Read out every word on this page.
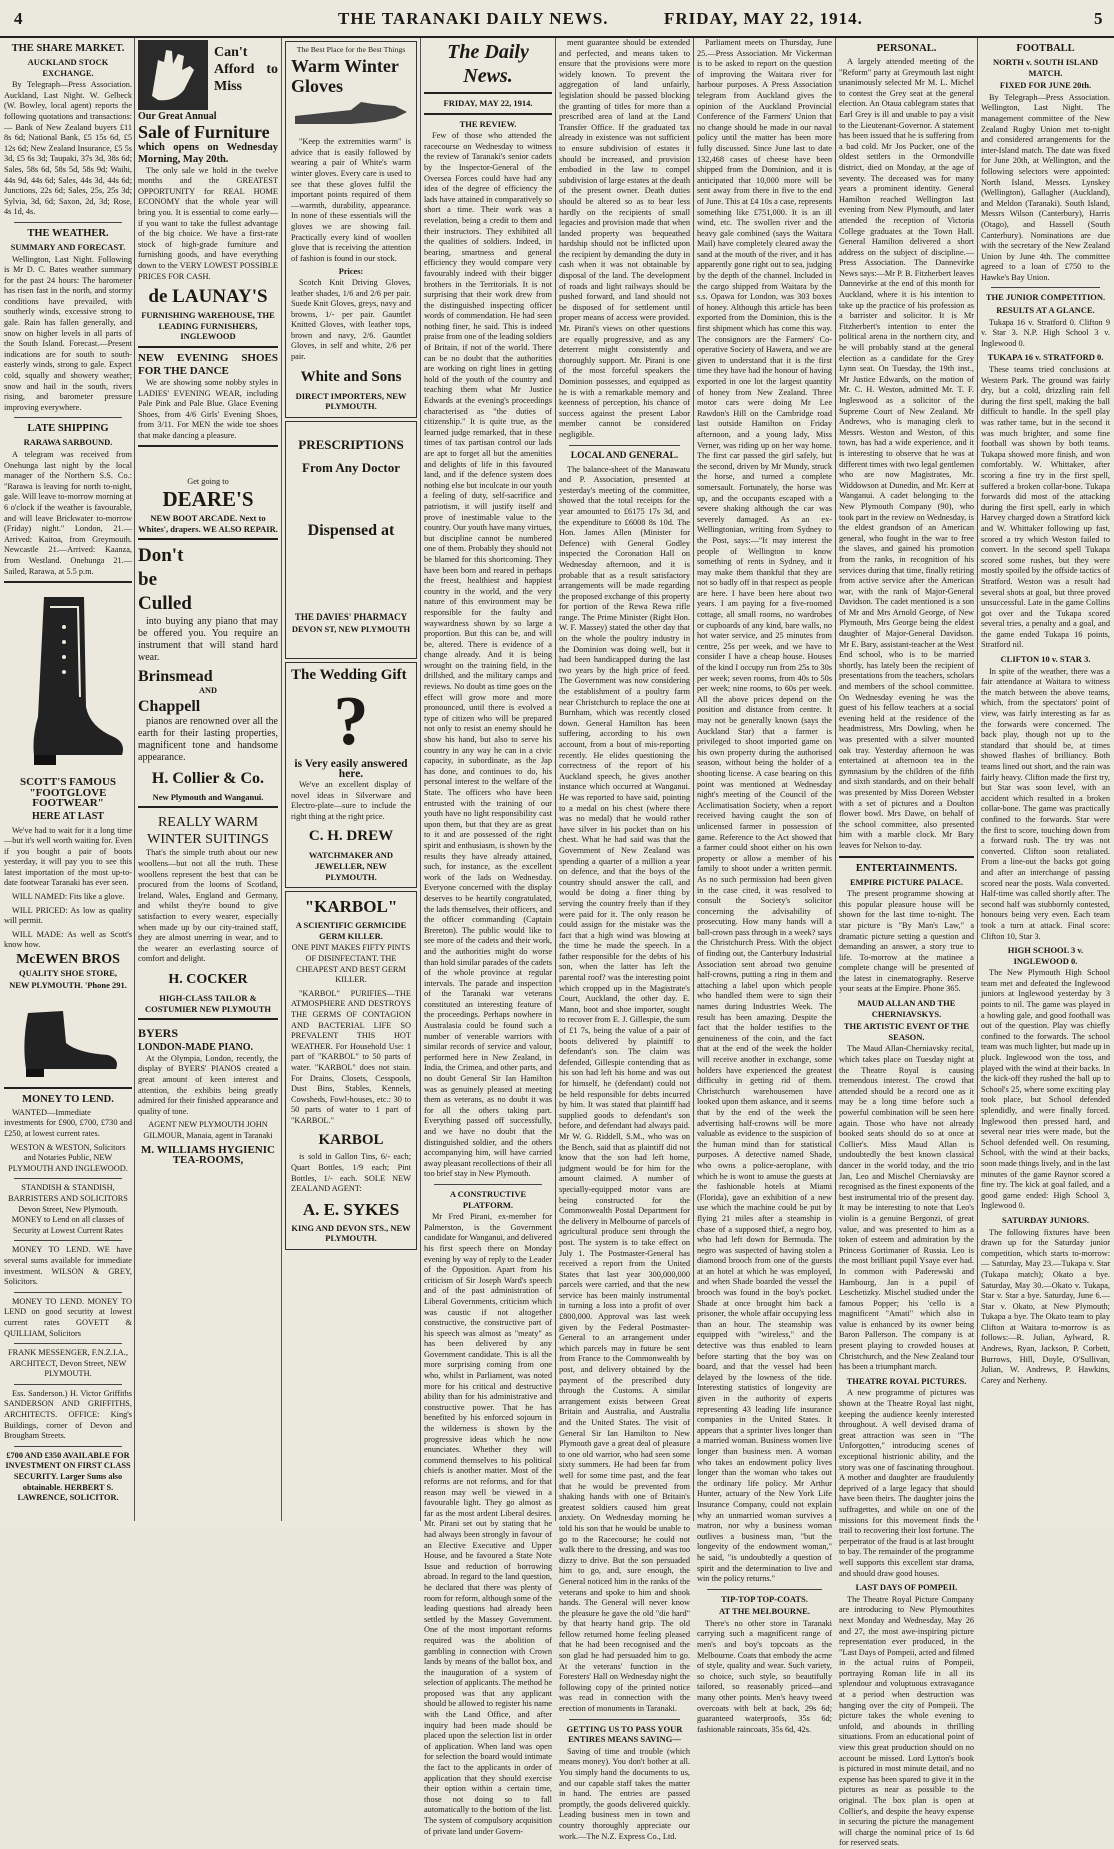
4	THE TARANAKI DAILY NEWS.	FRIDAY, MAY 22, 1914.	5
THE SHARE MARKET.
AUCKLAND STOCK EXCHANGE.

By Telegraph—Press Association. Auckland, Last Night. W. Gelbeck (W. Bowley, local agent) reports the following quotations and transactions:— Bank of New Zealand buyers £11 8s 6d; National Bank, £5 15s 6d, £5 12s 6d; New Zealand Insurance, £5 5s 3d, £5 6s 3d; Taupaki, 37s 3d, 38s 6d; Sales, 58s 6d, 58s 5d, 58s 9d; Waihi, 44s 9d, 44s 6d; Sales, 44s 3d, 44s 6d; Junctions, 22s 6d; Sales, 25s, 25s 3d; Sylvia, 3d, 6d; Saxon, 2d, 3d; Rose, 4s 1d, 4s.

THE WEATHER.
SUMMARY AND FORECAST.

Wellington, Last Night. Following is Mr D. C. Bates weather summary for the past 24 hours: The barometer has risen fast in the north, and stormy conditions have prevailed, with southerly winds, excessive strong to gale. Rain has fallen generally, and snow on higher levels in all parts of the South Island. Forecast.—Present indications are for south to south-easterly winds, strong to gale. Expect cold, squally and showery weather; snow and hail in the south, rivers rising, and barometer pressure improving everywhere.

LATE SHIPPING
RARAWA SARBOUND.

A telegram was received from Onehunga last night by the local manager of the Northern S.S. Co.: "Rarawa is leaving for north to-night, gale. Will leave to-morrow morning at 6 o'clock if the weather is favourable, and will leave Brickwater to-morrow (Friday) night." London, 21.—Arrived: Kaitoa, from Greymouth. Newcastle 21.—Arrived: Kaanza, from Westland. Onehunga 21.—Sailed, Rarawa, at 5.5 p.m.

SCOTT'S FAMOUS
"FOOTGLOVE
FOOTWEAR"
HERE AT LAST

We've had to wait for it a long time—but it's well worth waiting for. Even if you bought a pair of boots yesterday, it will pay you to see this latest importation of the most up-to-date footwear Taranaki has ever seen.

WILL NAMED: Fits like a glove.

WILL PRICED: As low as quality will permit.

WILL MADE: As well as Scott's know how.

McEWEN BROS
QUALITY SHOE STORE,
NEW PLYMOUTH. 'Phone 291.
MONEY TO LEND.

WANTED—Immediate investments for £900, £700, £730 and £250, at lowest current rates.

WESTON & WESTON, Solicitors and Notaries Public, NEW PLYMOUTH AND INGLEWOOD.

STANDISH & STANDISH, BARRISTERS AND SOLICITORS Devon Street, New Plymouth. MONEY to Lend on all classes of Security at Lowest Current Rates

MONEY TO LEND. WE have several sums available for immediate investment. WILSON & GREY, Solicitors.

MONEY TO LEND. MONEY TO LEND on good security at lowest current rates GOVETT & QUILLIAM, Solicitors

FRANK MESSENGER, F.N.Z.I.A., ARCHITECT, Devon Street, NEW PLYMOUTH.

Ess. Sanderson.) H. Victor Griffiths SANDERSON AND GRIFFITHS, ARCHITECTS. OFFICE: King's Buildings, corner of Devon and Brougham Streets.

£700 AND £350 AVAILABLE FOR INVESTMENT ON FIRST CLASS SECURITY. Larger Sums also obtainable. HERBERT S. LAWRENCE, SOLICITOR.

Can't Afford to Miss
Our Great Annual
Sale of Furniture
which opens on Wednesday Morning, May 20th.

The only sale we hold in the twelve months and the GREATEST OPPORTUNITY for REAL HOME ECONOMY that the whole year will bring you. It is essential to come early—if you want to take the fullest advantage of the big choice. We have a first-rate stock of high-grade furniture and furnishing goods, and have everything down to the VERY LOWEST POSSIBLE PRICES FOR CASH.

de LAUNAY'S
FURNISHING WAREHOUSE, THE LEADING FURNISHERS, INGLEWOOD
NEW EVENING SHOES FOR THE DANCE

We are showing some nobby styles in LADIES' EVENING WEAR, including Pale Pink and Pale Blue. Glace Evening Shoes, from 4/6 Girls' Evening Shoes, from 3/11. For MEN the wide toe shoes that make dancing a pleasure.

Get going to
DEARE'S
NEW BOOT ARCADE. Next to Whites', drapers. WE ALSO REPAIR.
Don't
be
Culled

into buying any piano that may be offered you. You require an instrument that will stand hard wear.

Brinsmead
AND
Chappell

pianos are renowned over all the earth for their lasting properties, magnificent tone and handsome appearance.

H. Collier & Co.
New Plymouth and Wanganui.
REALLY WARM WINTER SUITINGS

That's the simple truth about our new woollens—but not all the truth. These woollens represent the best that can be procured from the looms of Scotland, Ireland, Wales, England and Germany, and whilst they're bound to give satisfaction to every wearer, especially when made up by our city-trained staff, they are almost unerring in wear, and to the wearer an everlasting source of comfort and delight.

H. COCKER
HIGH-CLASS TAILOR & COSTUMIER NEW PLYMOUTH
BYERS
LONDON-MADE PIANO.

At the Olympia, London, recently, the display of BYERS' PIANOS created a great amount of keen interest and attention, the exhibits being greatly admired for their finished appearance and quality of tone.

AGENT NEW PLYMOUTH JOHN GILMOUR, Manaia, agent in Taranaki

M. WILLIAMS HYGIENIC TEA-ROOMS,
The Best Place for the Best Things
Warm Winter Gloves

"Keep the extremities warm" is advice that is easily followed by wearing a pair of White's warm winter gloves. Every care is used to see that these gloves fulfil the important points required of them—warmth, durability, appearance. In none of these essentials will the gloves we are showing fail. Practically every kind of woollen glove that is receiving the attention of fashion is found in our stock.

Prices:

Scotch Knit Driving Gloves, leather shades, 1/6 and 2/6 per pair. Suede Knit Gloves, greys, navy and browns, 1/- per pair. Gauntlet Knitted Gloves, with leather tops, brown and navy, 2/6. Gauntlet Gloves, in self and white, 2/6 per pair.

White and Sons
DIRECT IMPORTERS, NEW PLYMOUTH.
PRESCRIPTIONS
From Any Doctor
Dispensed at
THE DAVIES' PHARMACY
DEVON ST, NEW PLYMOUTH
The Wedding Gift
?
is Very easily answered here.

We've an excellent display of novel ideas in Silverware and Electro-plate—sure to include the right thing at the right price.

C. H. DREW
WATCHMAKER AND JEWELLER, NEW PLYMOUTH.
"KARBOL"
A SCIENTIFIC GERMICIDE GERM KILLER.

ONE PINT MAKES FIFTY PINTS OF DISINFECTANT. THE CHEAPEST AND BEST GERM KILLER.

"KARBOL" PURIFIES—THE ATMOSPHERE AND DESTROYS THE GERMS OF CONTAGION AND BACTERIAL LIFE SO PREVALENT THIS HOT WEATHER. For Household Use: 1 part of "KARBOL" to 50 parts of water. "KARBOL" does not stain. For Drains, Closets, Cesspools, Dust Bins, Stables, Kennels, Cowsheds, Fowl-houses, etc.: 30 to 50 parts of water to 1 part of "KARBOL."

KARBOL

is sold in Gallon Tins, 6/- each; Quart Bottles, 1/9 each; Pint Bottles, 1/- each. SOLE NEW ZEALAND AGENT:

A. E. SYKES
KING AND DEVON STS., NEW PLYMOUTH.
The Daily News.
FRIDAY, MAY 22, 1914.
THE REVIEW.

Few of those who attended the racecourse on Wednesday to witness the review of Taranaki's senior cadets by the Inspector-General of the Oversea Forces could have had any idea of the degree of efficiency the lads have attained in comparatively so short a time. Their work was a revelation, being a credit to them and their instructors. They exhibited all the qualities of soldiers. Indeed, in bearing, smartness and general efficiency they would compare very favourably indeed with their bigger brothers in the Territorials. It is not surprising that their work drew from the distinguished inspecting officer words of commendation. He had seen nothing finer, he said. This is indeed praise from one of the leading soldiers of Britain, if not of the world. There can be no doubt that the authorities are working on right lines in getting hold of the youth of the country and teaching them what Mr Justice Edwards at the evening's proceedings characterised as "the duties of citizenship." It is quite true, as the learned judge remarked, that in these times of tax partisan control our lads are apt to forget all but the amenities and delights of life in this favoured land, and if the defence system does nothing else but inculcate in our youth a feeling of duty, self-sacrifice and patriotism, it will justify itself and prove of inestimable value to the country. Our youth have many virtues, but discipline cannot be numbered one of them. Probably they should not be blamed for this shortcoming. They have been born and reared in perhaps the freest, healthiest and happiest country in the world, and the very nature of this environment may be responsible for the faulty and waywardness shown by so large a proportion. But this can be, and will be, altered. There is evidence of a change already. And it is being wrought on the training field, in the drillshed, and the military camps and reviews. No doubt as time goes on the effect will grow more and more pronounced, until there is evolved a type of citizen who will be prepared not only to resist an enemy should he show his hand, but also to serve his country in any way he can in a civic capacity, in subordinate, as the Jap has done, and continues to do, his personal interest to the welfare of the State. The officers who have been entrusted with the training of our youth have no light responsibility cast upon them, but that they are as great to it and are possessed of the right spirit and enthusiasm, is shown by the results they have already attained, such, for instance, as the excellent work of the lads on Wednesday. Everyone concerned with the display deserves to be heartily congratulated, the lads themselves, their officers, and the officer commanding (Captain Brereton). The public would like to see more of the cadets and their work, and the authorities might do worse than hold similar parades of the cadets of the whole province at regular intervals. The parade and inspection of the Taranaki war veterans constituted an interesting feature of the proceedings. Perhaps nowhere in Australasia could be found such a number of venerable warriors with similar records of service and valour, performed here in New Zealand, in India, the Crimea, and other parts, and no doubt General Sir Ian Hamilton was as genuinely pleased at meeting them as veterans, as no doubt it was for all the others taking part. Everything passed off successfully, and we have no doubt that the distinguished soldier, and the others accompanying him, will have carried away pleasant recollections of their all too brief stay in New Plymouth.

A CONSTRUCTIVE PLATFORM.

Mr Fred Pirani, ex-member for Palmerston, is the Government candidate for Wanganui, and delivered his first speech there on Monday evening by way of reply to the Leader of the Opposition. Apart from his criticism of Sir Joseph Ward's speech and of the past administration of Liberal Governments, criticism which was caustic if not altogether constructive, the constructive part of his speech was almost as "meaty" as has been delivered by any Government candidate. This is all the more surprising coming from one who, whilst in Parliament, was noted more for his critical and destructive ability than for his administrative and constructive power. That he has benefited by his enforced sojourn in the wilderness is shown by the progressive ideas which he now enunciates. Whether they will commend themselves to his political chiefs is another matter. Most of the reforms are not reforms, and for that reason may well be viewed in a favourable light. They go almost as far as the most ardent Liberal desires. Mr. Pirani set out by stating that he had always been strongly in favour of an Elective Executive and Upper House, and he favoured a State Note Issue and reduction of borrowing abroad. In regard to the land question, he declared that there was plenty of room for reform, although some of the leading questions had already been settled by the Massey Government. One of the most important reforms required was the abolition of gambling in connection with Crown lands by means of the ballot box, and the inauguration of a system of selection of applicants. The method he proposed was that any applicant should be allowed to register his name with the Land Office, and after inquiry had been made should be placed upon the selection list in order of application. When land was open for selection the board would intimate the fact to the applicants in order of application that they should exercise their option within a certain time, those not doing so to fall automatically to the bottom of the list. The system of compulsory acquisition of private land under Govern-

ment guarantee should be extended and perfected, and means taken to ensure that the provisions were more widely known. To prevent the aggregation of land unfairly, legislation should be passed blocking the granting of titles for more than a prescribed area of land at the Land Transfer Office. If the graduated tax already in existence was not sufficient to ensure subdivision of estates it should be increased, and provision embodied in the law to compel subdivision of large estates at the death of the present owner. Death duties should be altered so as to bear less hardly on the recipients of small legacies and provision made that when landed property was bequeathed hardship should not be inflicted upon the recipient by demanding the duty in cash when it was not obtainable by disposal of the land. The development of roads and light railways should be pushed forward, and land should not be disposed of for settlement until proper means of access were provided. Mr. Pirani's views on other questions are equally progressive, and as any deterrent might consistently and thoroughly support. Mr. Pirani is one of the most forceful speakers the Dominion possesses, and equipped as he is with a remarkable memory and keenness of perception, his chance of success against the present Labor member cannot be considered negligible.

LOCAL AND GENERAL.

The balance-sheet of the Manawatu and P. Association, presented at yesterday's meeting of the committee, showed that the total receipts for the year amounted to £6175 17s 3d, and the expenditure to £6008 8s 10d. The Hon. James Allen (Minister for Defence) with General Godley inspected the Coronation Hall on Wednesday afternoon, and it is probable that as a result satisfactory arrangements will be made regarding the proposed exchange of this property for portion of the Rewa Rewa rifle range. The Prime Minister (Right Hon. W. F. Massey) stated the other day that on the whole the poultry industry in the Dominion was doing well, but it had been handicapped during the last two years by the high price of feed. The Government was now considering the establishment of a poultry farm near Christchurch to replace the one at Burnham, which was recently closed down. General Hamilton has been suffering, according to his own account, from a bout of mis-reporting recently. He elides questioning the correctness of the report of his Auckland speech, he gives another instance which occurred at Wanganui. He was reported to have said, pointing to a medal on his chest (where there was no medal) that he would rather have silver in his pocket than on his chest. What he had said was that the Government of New Zealand was spending a quarter of a million a year on defence, and that the boys of the country should answer the call, and would be doing a finer thing by serving the country freely than if they were paid for it. The only reason he could assign for the mistake was the fact that a high wind was blowing at the time he made the speech. In a father responsible for the debts of his son, when the latter has left the parental roof? was the interesting point which cropped up in the Magistrate's Court, Auckland, the other day. E. Mann, boot and shoe importer, sought to recover from E. J. Gillespie, the sum of £1 7s, being the value of a pair of boots delivered by plaintiff to defendant's son. The claim was defended, Gillespie contending that as his son had left his home and was out for himself, he (defendant) could not be held responsible for debts incurred by him. It was stated that plaintiff had supplied goods to defendant's son before, and defendant had always paid. Mr W. G. Riddell, S.M., who was on the Bench, said that as plaintiff did not know that the son had left home, judgment would be for him for the amount claimed. A number of specially-equipped motor vans are being constructed for the Commonwealth Postal Department for the delivery in Melbourne of parcels of agricultural produce sent through the post. The system is to take effect on July 1. The Postmaster-General has received a report from the United States that last year 300,000,000 parcels were carried, and that the new service has been mainly instrumental in turning a loss into a profit of over £800,000. Approval was last week given by the Federal Postmaster-General to an arrangement under which parcels may in future be sent from France to the Commonwealth by post, and delivery obtained by the payment of the prescribed duty through the Customs. A similar arrangement exists between Great Britain and Australia, and Australia and the United States. The visit of General Sir Ian Hamilton to New Plymouth gave a great deal of pleasure to one old warrior, who had seen some sixty summers. He had been far from well for some time past, and the fear that he would be prevented from shaking hands with one of Britain's greatest soldiers caused him great anxiety. On Wednesday morning he told his son that he would be unable to go to the Racecourse; he could not walk there to the dressing, and was too dizzy to drive. But the son persuaded him to go, and, sure enough, the General noticed him in the ranks of the veterans and spoke to him and shook hands. The General will never know the pleasure he gave the old "die hard" by that hearty hand grip. The old fellow returned home feeling pleased that he had been recognised and the son glad he had persuaded him to go. At the veterans' function in the Foresters' Hall on Wednesday night the following copy of the printed notice was read in connection with the erection of monuments in Taranaki.

GETTING US TO PASS YOUR ENTIRES MEANS SAVING—

Saving of time and trouble (which means money). You don't bother at all. You simply hand the documents to us, and our capable staff takes the matter in hand. The entries are passed promptly, the goods delivered quickly. Leading business men in town and country thoroughly appreciate our work.—The N.Z. Express Co., Ltd.

Parliament meets on Thursday, June 25.—Press Association. Mr Vickerman is to be asked to report on the question of improving the Waitara river for harbour purposes. A Press Association telegram from Auckland gives the opinion of the Auckland Provincial Conference of the Farmers' Union that no change should be made in our naval policy until the matter has been more fully discussed. Since June last to date 132,468 cases of cheese have been shipped from the Dominion, and it is anticipated that 10,000 more will be sent away from there in five to the end of June. This at £4 10s a case, represents something like £751,000. It is an ill wind, etc. The swollen river and the heavy gale combined (says the Waitara Mail) have completely cleared away the sand at the mouth of the river, and it has apparently gone right out to sea, judging by the depth of the channel. Included in the cargo shipped from Waitara by the s.s. Opawa for London, was 303 boxes of honey. Although this article has been exported from the Dominion, this is the first shipment which has come this way. The consignors are the Farmers' Co-operative Society of Hawera, and we are given to understand that it is the first time they have had the honour of having exported in one lot the largest quantity of honey from New Zealand. Three motor cars were doing Mr Lee Rawdon's Hill on the Cambridge road last outside Hamilton on Friday afternoon, and a young lady, Miss Verner, was riding up on her way home. The first car passed the girl safely, but the second, driven by Mr Mundy, struck the horse, and turned a complete somersault. Fortunately, the horse was up, and the occupants escaped with a severe shaking although the car was severely damaged. As an ex-Wellingtonian, writing from Sydney to the Post, says:—"It may interest the people of Wellington to know something of rents in Sydney, and it may make them thankful that they are not so badly off in that respect as people are here. I have been here about two years. I am paying for a five-roomed cottage, all small rooms, no wardrobes or cupboards of any kind, bare walls, no hot water service, and 25 minutes from centre, 25s per week, and we have to consider I have a cheap house. Houses of the kind I occupy run from 25s to 30s per week; seven rooms, from 40s to 50s per week; nine rooms, to 60s per week. All the above prices depend on the position and distance from centre. It may not be generally known (says the Auckland Star) that a farmer is privileged to shoot imported game on his own property during the authorised season, without being the holder of a shooting license. A case bearing on this point was mentioned at Wednesday night's meeting of the Council of the Acclimatisation Society, when a report received having caught the son of unlicensed farmer in possession of game. Reference to the Act showed that a farmer could shoot either on his own property or allow a member of his family to shoot under a written permit. As no such permission had been given in the case cited, it was resolved to consult the Society's solicitor concerning the advisability of prosecuting. How many hands will a ball-crown pass through in a week? says the Christchurch Press. With the object of finding out, the Canterbury Industrial Association sent abroad two genuine half-crowns, putting a ring in them and attaching a label upon which people who handled them were to sign their names during Industries Week. The result has been amazing. Despite the fact that the holder testifies to the genuineness of the coin, and the fact that at the end of the week the holder will receive another in exchange, some holders have experienced the greatest difficulty in getting rid of them. Christchurch warehousemen have looked upon them askance, and it seems that by the end of the week the advertising half-crowns will be more valuable as evidence to the suspicion of the human mind than for statistical purposes. A detective named Shade, who owns a police-aeroplane, with which he is wont to amuse the guests at the fashionable hotels at Miami (Florida), gave an exhibition of a new use which the machine could be put by flying 21 miles after a steamship in chase of a supposed thief, a negro boy, who had left down for Bermuda. The negro was suspected of having stolen a diamond brooch from one of the guests at an hotel at which he was employed, and when Shade boarded the vessel the brooch was found in the boy's pocket. Shade at once brought him back a prisoner, the whole affair occupying less than an hour. The steamship was equipped with "wireless," and the detective was thus enabled to learn before starting that the boy was on board, and that the vessel had been delayed by the lowness of the tide. Interesting statistics of longevity are given in the authority of experts representing 43 leading life insurance companies in the United States. It appears that a sprinter lives longer than a married woman. Business women live longer than business men. A woman who takes an endowment policy lives longer than the woman who takes out the ordinary life policy. Mr Arthur Hunter, actuary of the New York Life Insurance Company, could not explain why an unmarried woman survives a matron, nor why a business woman outlives a business man, "but the longevity of the endowment woman," he said, "is undoubtedly a question of spirit and the determination to live and win the policy returns."

TIP-TOP TOP-COATS.
AT THE MELBOURNE.

There's no other store in Taranaki carrying such a magnificent range of men's and boy's topcoats as the Melbourne. Coats that embody the acme of style, quality and wear. Such variety, so choice, such style, so beautifully tailored, so reasonably priced—and many other points. Men's heavy tweed overcoats with belt at back, 29s 6d; guaranteed waterproofs, 35s 6d; fashionable raincoats, 35s 6d, 42s.

PERSONAL.

A largely attended meeting of the "Reform" party at Greymouth last night unanimously selected Mr M. L. Michel to contest the Grey seat at the general election. An Otaua cablegram states that Earl Grey is ill and unable to pay a visit to the Lieutenant-Governor. A statement has been issued that he is suffering from a bad cold. Mr Jos Pucker, one of the oldest settlers in the Ormondville district, died on Monday, at the age of seventy. The deceased was for many years a prominent identity. General Hamilton reached Wellington last evening from New Plymouth, and later attended the reception of Victoria College graduates at the Town Hall. General Hamilton delivered a short address on the subject of discipline.—Press Association. The Dannevirke News says:—Mr P. B. Fitzherbert leaves Dannevirke at the end of this month for Auckland, where it is his intention to take up the practice of his profession as a barrister and solicitor. It is Mr Fitzherbert's intention to enter the political arena in the northern city, and he will probably stand at the general election as a candidate for the Grey Lynn seat. On Tuesday, the 19th inst., Mr Justice Edwards, on the motion of Mr. C. H. Weston, admitted Mr. T. F. Ingleswood as a solicitor of the Supreme Court of New Zealand. Mr Andrews, who is managing clerk to Messrs. Weston and Weston, of this town, has had a wide experience, and it is interesting to observe that he was at different times with two legal gentlemen who are now Magistrates, Mr. Widdowson at Dunedin, and Mr. Kerr at Wanganui. A cadet belonging to the New Plymouth Company (90), who took part in the review on Wednesday, is the eldest grandson of an American general, who fought in the war to free the slaves, and gained his promotion from the ranks, in recognition of his services during that time, finally retiring from active service after the American war, with the rank of Major-General Davidson. The cadet mentioned is a son of Mr and Mrs Arnold George, of New Plymouth, Mrs George being the eldest daughter of Major-General Davidson. Mr E. Bary, assistant-teacher at the West End school, who is to be married shortly, has lately been the recipient of presentations from the teachers, scholars and members of the school committee. On Wednesday evening he was the guest of his fellow teachers at a social evening held at the residence of the headmistress, Mrs Dowling, when he was presented with a silver mounted oak tray. Yesterday afternoon he was entertained at afternoon tea in the gymnasium by the children of the fifth and sixth standards, and on their behalf was presented by Miss Doreen Webster with a set of pictures and a Doulton flower bowl. Mrs Dawe, on behalf of the school committee, also presented him with a marble clock. Mr Bary leaves for Nelson to-day.

ENTERTAINMENTS.
EMPIRE PICTURE PALACE.

The present programme showing at this popular pleasure house will be shown for the last time to-night. The star picture is "By Man's Law," a dramatic picture setting a question and demanding an answer, a story true to life. To-morrow at the matinee a complete change will be presented of the latest in cinematography. Reserve your seats at the Empire. Phone 365.

MAUD ALLAN AND THE CHERNIAVSKYS.
THE ARTISTIC EVENT OF THE SEASON.

The Maud Allan-Cherniavsky recital, which takes place on Tuesday night at the Theatre Royal is causing tremendous interest. The crowd that attended should be a record one as it may be a long time before such a powerful combination will be seen here again. Those who have not already booked seats should do so at once at Collier's. Miss Maud Allan is undoubtedly the best known classical dancer in the world today, and the trio Jan, Leo and Mischel Cherniavsky are recognised as the finest exponents of the best instrumental trio of the present day. It may be interesting to note that Leo's violin is a genuine Bergonzi, of great value, and was presented to him as a token of esteem and admiration by the Princess Gortimaner of Russia. Leo is the most brilliant pupil Ysaye ever had. In common with Paderewski and Hambourg, Jan is a pupil of Leschetizky. Mischel studied under the famous Popper; his 'cello is a magnificent "Amati" which also in value is enhanced by its owner being Baron Pallerson. The company is at present playing to crowded houses at Christchurch, and the New Zealand tour has been a triumphant march.

THEATRE ROYAL PICTURES.

A new programme of pictures was shown at the Theatre Royal last night, keeping the audience keenly interested throughout. A well devised drama of great attraction was seen in "The Unforgotten," introducing scenes of exceptional histrionic ability, and the story was one of fascinating throughout. A mother and daughter are fraudulently deprived of a large legacy that should have been theirs. The daughter joins the suffragettes, and while on one of the missions for this movement finds the trail to recovering their lost fortune. The perpetrator of the fraud is at last brought to bay. The remainder of the programme well supports this excellent star drama, and should draw good houses.

LAST DAYS OF POMPEII.

The Theatre Royal Picture Company are introducing to New Plymouthites next Monday and Wednesday, May 26 and 27, the most awe-inspiring picture representation ever produced, in the "Last Days of Pompeii, acted and filmed in the actual ruins of Pompeii, portraying Roman life in all its splendour and voluptuous extravagance at a period when destruction was hanging over the city of Pompeii. The picture takes the whole evening to unfold, and abounds in thrilling situations. From an educational point of view this great production should on no account be missed. Lord Lytton's book is pictured in most minute detail, and no expense has been spared to give it in the pictures as near as possible to the original. The box plan is open at Collier's, and despite the heavy expense in securing the picture the management will charge the nominal price of 1s 6d for reserved seats.

FOOTBALL
NORTH v. SOUTH ISLAND MATCH.
FIXED FOR JUNE 20th.

By Telegraph—Press Association. Wellington, Last Night. The management committee of the New Zealand Rugby Union met to-night and considered arrangements for the inter-Island match. The date was fixed for June 20th, at Wellington, and the following selectors were appointed: North Island, Messrs. Lynskey (Wellington), Gallagher (Auckland), and Meldon (Taranaki). South Island, Messrs Wilson (Canterbury), Harris (Otago), and Hassell (South Canterbury). Nominations are due with the secretary of the New Zealand Union by June 4th. The committee agreed to a loan of £750 to the Hawke's Bay Union.

THE JUNIOR COMPETITION.
RESULTS AT A GLANCE.

Tukapa 16 v. Stratford 0. Clifton 9 v. Star 3. N.P. High School 3 v. Inglewood 0.

TUKAPA 16 v. STRATFORD 0.

These teams tried conclusions at Western Park. The ground was fairly dry, but a cold, drizzling rain fell during the first spell, making the ball difficult to handle. In the spell play was rather tame, but in the second it was much brighter, and some fine football was shown by both teams. Tukapa showed more finish, and won comfortably. W. Whittaker, after scoring a fine try in the first spell, suffered a broken collar-bone. Tukapa forwards did most of the attacking during the first spell, early in which Harvey charged down a Stratford kick and W. Whittaker following up fast, scored a try which Weston failed to convert. In the second spell Tukapa scored some rushes, but they were mostly spoiled by the offside tactics of Stratford. Weston was a result had several shots at goal, but three proved unsuccessful. Late in the game Collins got over and the Tukapa scored several tries, a penalty and a goal, and the game ended Tukapa 16 points, Stratford nil.

CLIFTON 10 v. STAR 3.

In spite of the weather, there was a fair attendance at Waitara to witness the match between the above teams, which, from the spectators' point of view, was fairly interesting as far as the forwards were concerned. The back play, though not up to the standard that should be, at times showed flashes of brilliancy. Both teams lined out short, and the rain was fairly heavy. Clifton made the first try, but Star was soon level, with an accident which resulted in a broken collar-bone. The game was practically confined to the forwards. Star were the first to score, touching down from a forward rush. The try was not converted. Clifton soon retaliated. From a line-out the backs got going and after an interchange of passing scored near the posts. Wala converted. Half-time was called shortly after. The second half was stubbornly contested, honours being very even. Each team took a turn at attack. Final score: Clifton 10, Star 3.

HIGH SCHOOL 3 v. INGLEWOOD 0.

The New Plymouth High School team met and defeated the Inglewood juniors at Inglewood yesterday by 3 points to nil. The game was played in a howling gale, and good football was out of the question. Play was chiefly confined to the forwards. The school team was much lighter, but made up in pluck. Inglewood won the toss, and played with the wind at their backs. In the kick-off they rushed the ball up to School's 25, where some exciting play took place, but School defended splendidly, and were finally forced. Inglewood then pressed hard, and several near tries were made, but the School defended well. On resuming, School, with the wind at their backs, soon made things lively, and in the last minutes of the game Raynor scored a fine try. The kick at goal failed, and a good game ended: High School 3, Inglewood 0.

SATURDAY JUNIORS.

The following fixtures have been drawn up for the Saturday junior competition, which starts to-morrow:— Saturday, May 23.—Tukapa v. Star (Tukapa match); Okato a bye. Saturday, May 30.—Okato v. Tukapa, Star v. Star a bye. Saturday, June 6.—Star v. Okato, at New Plymouth; Tukapa a bye. The Okato team to play Clifton at Waitara to-morrow is as follows:—R. Julian, Aylward, R. Andrews, Ryan, Jackson, P. Corbett, Burrows, Hill, Doyle, O'Sullivan, Julian, W. Andrews, P. Hawkins, Carey and Nerheny.
